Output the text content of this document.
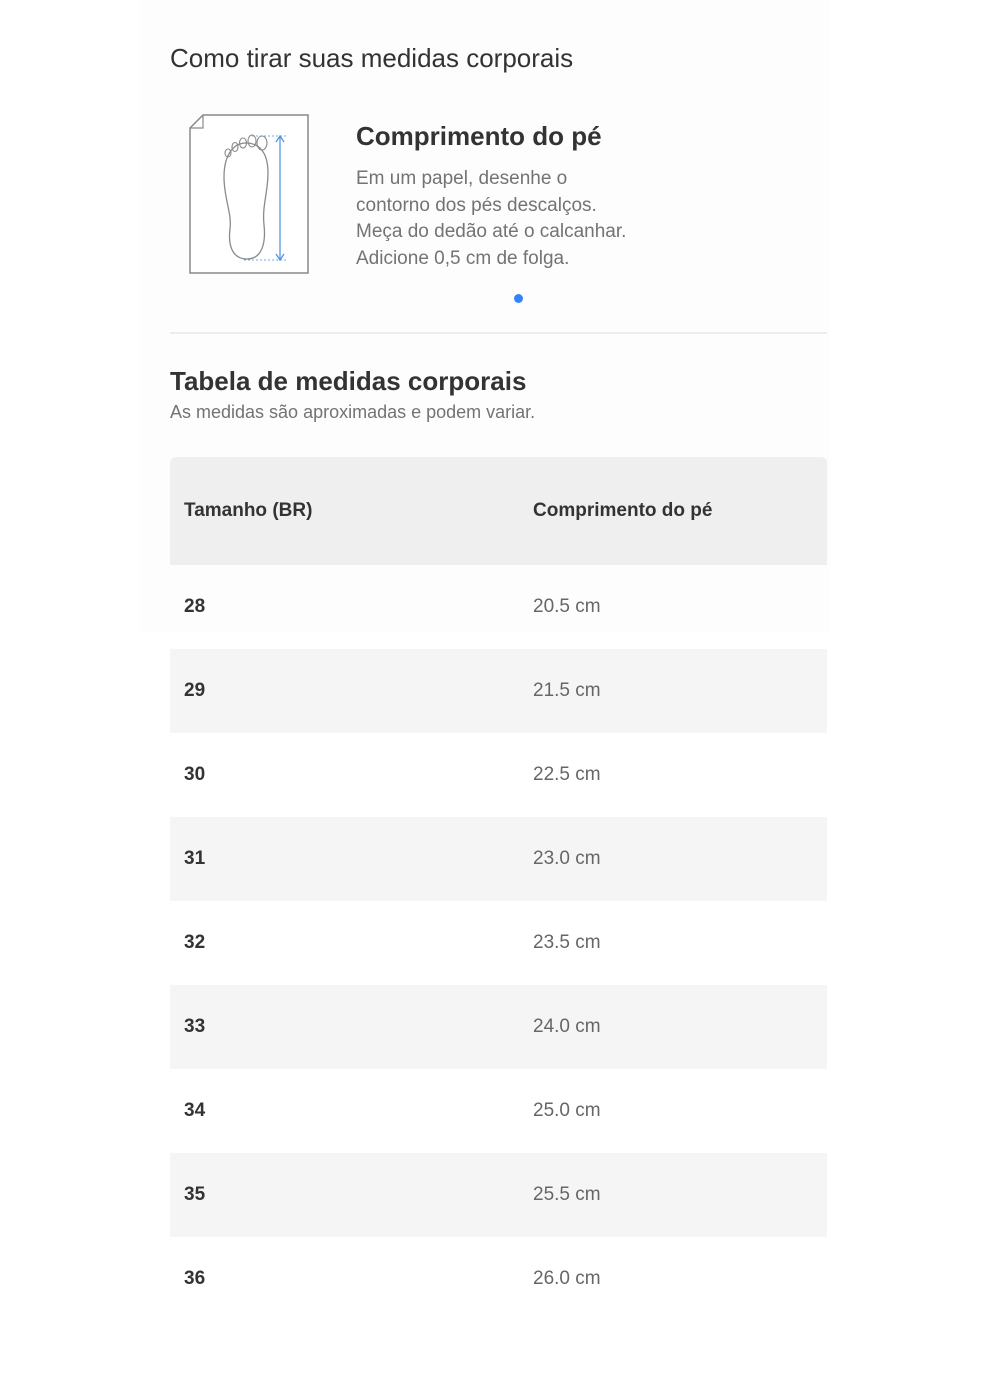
Como tirar suas medidas corporais
Comprimento do pé
Em um papel, desenhe o
contorno dos pés descalços.
Meça do dedão até o calcanhar.
Adicione 0,5 cm de folga.
Tabela de medidas corporais
As medidas são aproximadas e podem variar.
Tamanho (BR)	Comprimento do pé
28	20.5 cm
29	21.5 cm
30	22.5 cm
31	23.0 cm
32	23.5 cm
33	24.0 cm
34	25.0 cm
35	25.5 cm
36	26.0 cm
